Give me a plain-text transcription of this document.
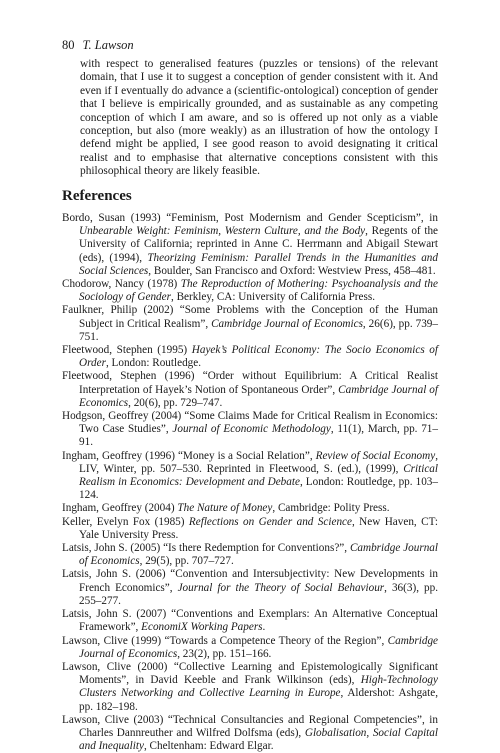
80 T. Lawson
with respect to generalised features (puzzles or tensions) of the relevant domain, that I use it to suggest a conception of gender consistent with it. And even if I eventually do advance a (scientific-ontological) conception of gender that I believe is empirically grounded, and as sustainable as any competing conception of which I am aware, and so is offered up not only as a viable conception, but also (more weakly) as an illustration of how the ontology I defend might be applied, I see good reason to avoid designating it critical realist and to emphasise that alternative conceptions consistent with this philosophical theory are likely feasible.
References
Bordo, Susan (1993) “Feminism, Post Modernism and Gender Scepticism”, in Unbearable Weight: Feminism, Western Culture, and the Body, Regents of the University of California; reprinted in Anne C. Herrmann and Abigail Stewart (eds), (1994), Theorizing Feminism: Parallel Trends in the Humanities and Social Sciences, Boulder, San Francisco and Oxford: Westview Press, 458–481.
Chodorow, Nancy (1978) The Reproduction of Mothering: Psychoanalysis and the Sociology of Gender, Berkley, CA: University of California Press.
Faulkner, Philip (2002) “Some Problems with the Conception of the Human Subject in Critical Realism”, Cambridge Journal of Economics, 26(6), pp. 739–751.
Fleetwood, Stephen (1995) Hayek’s Political Economy: The Socio Economics of Order, London: Routledge.
Fleetwood, Stephen (1996) “Order without Equilibrium: A Critical Realist Interpretation of Hayek’s Notion of Spontaneous Order”, Cambridge Journal of Economics, 20(6), pp. 729–747.
Hodgson, Geoffrey (2004) “Some Claims Made for Critical Realism in Economics: Two Case Studies”, Journal of Economic Methodology, 11(1), March, pp. 71–91.
Ingham, Geoffrey (1996) “Money is a Social Relation”, Review of Social Economy, LIV, Winter, pp. 507–530. Reprinted in Fleetwood, S. (ed.), (1999), Critical Realism in Economics: Development and Debate, London: Routledge, pp. 103–124.
Ingham, Geoffrey (2004) The Nature of Money, Cambridge: Polity Press.
Keller, Evelyn Fox (1985) Reflections on Gender and Science, New Haven, CT: Yale University Press.
Latsis, John S. (2005) “Is there Redemption for Conventions?”, Cambridge Journal of Economics, 29(5), pp. 707–727.
Latsis, John S. (2006) “Convention and Intersubjectivity: New Developments in French Economics”, Journal for the Theory of Social Behaviour, 36(3), pp. 255–277.
Latsis, John S. (2007) “Conventions and Exemplars: An Alternative Conceptual Framework”, EconomiX Working Papers.
Lawson, Clive (1999) “Towards a Competence Theory of the Region”, Cambridge Journal of Economics, 23(2), pp. 151–166.
Lawson, Clive (2000) “Collective Learning and Epistemologically Significant Moments”, in David Keeble and Frank Wilkinson (eds), High-Technology Clusters Networking and Collective Learning in Europe, Aldershot: Ashgate, pp. 182–198.
Lawson, Clive (2003) “Technical Consultancies and Regional Competencies”, in Charles Dannreuther and Wilfred Dolfsma (eds), Globalisation, Social Capital and Inequality, Cheltenham: Edward Elgar.
